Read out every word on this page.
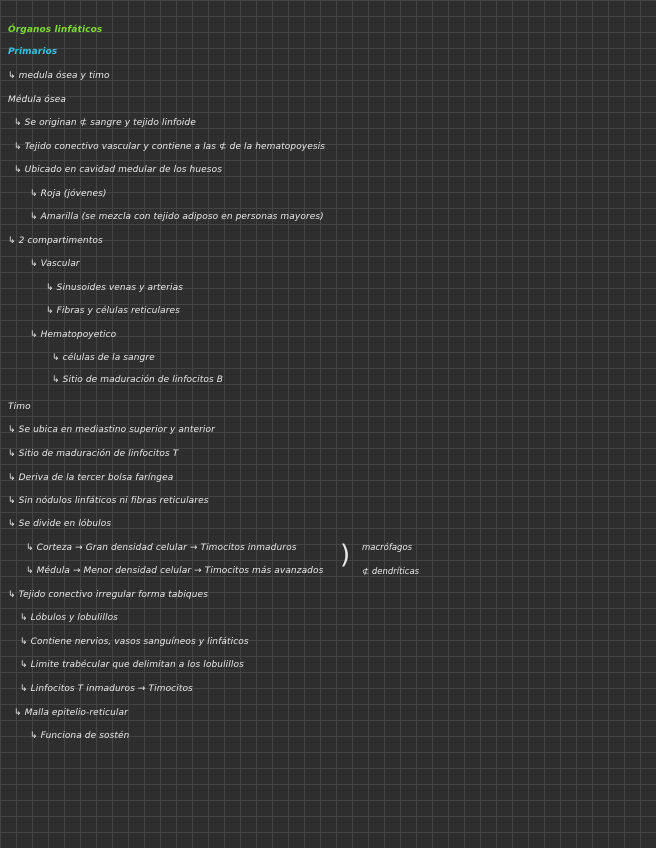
Órganos linfáticos
Primarios
↳ medula ósea y timo
Médula ósea
↳ Se originan ⊄ sangre y tejido linfoide
↳ Tejido conectivo vascular y contiene a las ⊄ de la hematopoyesis
↳ Ubicado en cavidad medular de los huesos
↳ Roja (jóvenes)
↳ Amarilla (se mezcla con tejido adiposo en personas mayores)
↳ 2 compartimentos
↳ Vascular
↳ Sinusoides venas y arterias
↳ Fibras y células reticulares
↳ Hematopoyetico
↳ células de la sangre
↳ Sitio de maduración de linfocitos B
Timo
↳ Se ubica en mediastino superior y anterior
↳ Sitio de maduración de linfocitos T
↳ Deriva de la tercer bolsa faríngea
↳ Sin nódulos linfáticos ni fibras reticulares
↳ Se divide en lóbulos
↳ Corteza → Gran densidad celular → Timocitos inmaduros
↳ Médula → Menor densidad celular → Timocitos más avanzados
) macrófagos
⊄ dendríticas
↳ Tejido conectivo irregular forma tabiques
↳ Lóbulos y lobulillos
↳ Contiene nervios, vasos sanguíneos y linfáticos
↳ Limite trabécular que delimitan a los lobulillos
↳ Linfocitos T inmaduros → Timocitos
↳ Malla epitelio-reticular
↳ Funciona de sostén
